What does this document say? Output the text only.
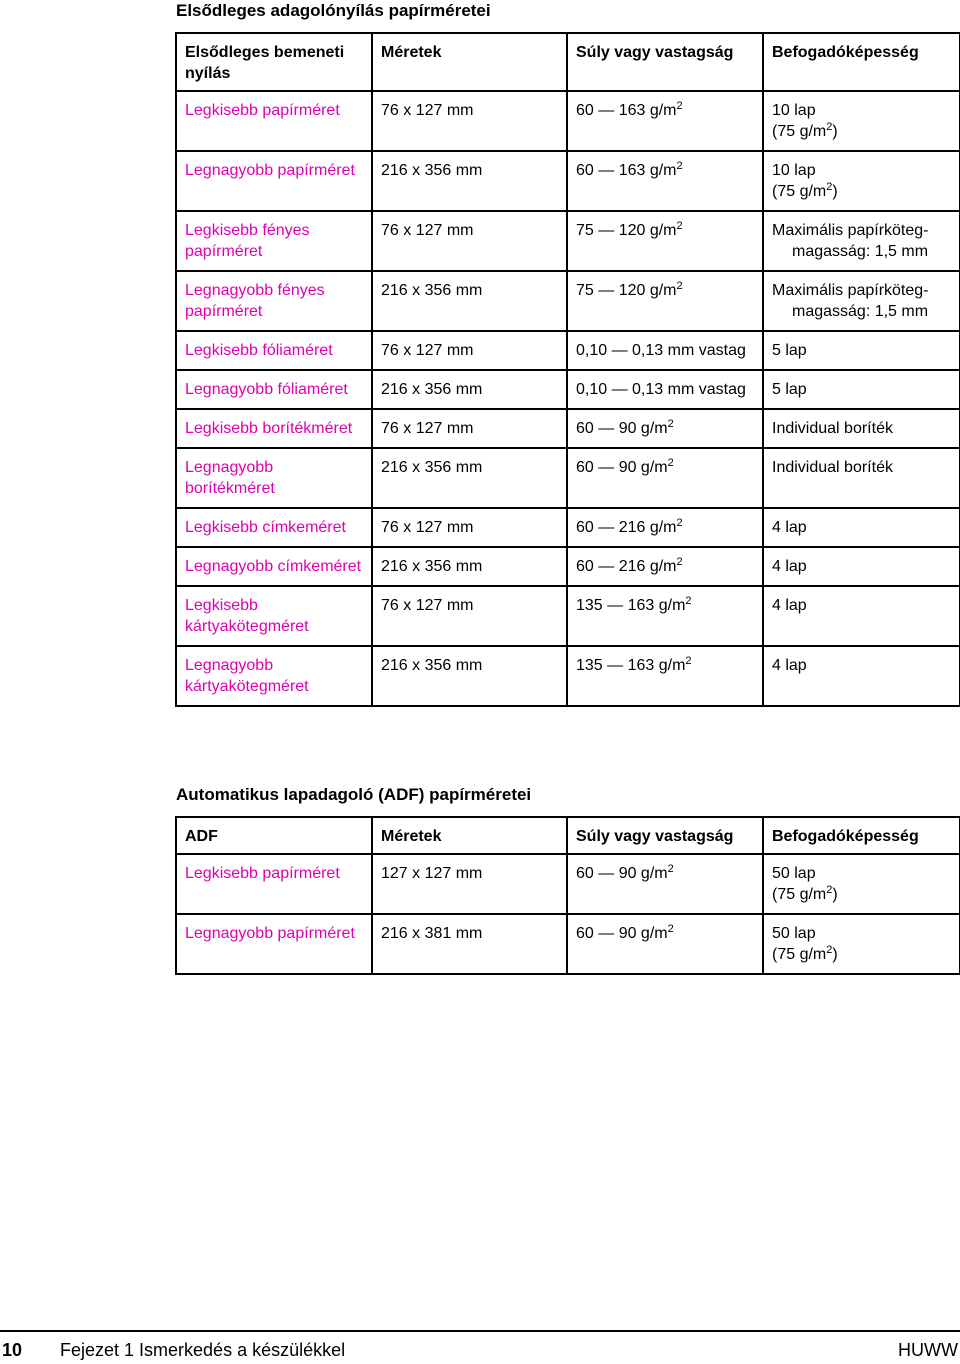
Elsődleges adagolónyílás papírméretei
Elsődleges bemeneti nyílás	Méretek	Súly vagy vastagság	Befogadóképesség
Legkisebb papírméret	76 x 127 mm	60 — 163 $g/m^2$	10 lap
(75 $g/m^2$)

Legnagyobb papírméret	216 x 356 mm	60 — 163 $g/m^2$	10 lap
(75 $g/m^2$)

Legkisebb fényes papírméret	76 x 127 mm	75 — 120 $g/m^2$	Maximális papírköteg-
magasság: 1,5 mm

Legnagyobb fényes papírméret	216 x 356 mm	75 — 120 $g/m^2$	Maximális papírköteg-
magasság: 1,5 mm

Legkisebb fóliaméret	76 x 127 mm	0,10 — 0,13 mm vastag	5 lap

Legnagyobb fóliaméret	216 x 356 mm	0,10 — 0,13 mm vastag	5 lap

Legkisebb borítékméret	76 x 127 mm	60 — 90 $g/m^2$	Individual boríték

Legnagyobb borítékméret	216 x 356 mm	60 — 90 $g/m^2$	Individual boríték

Legkisebb címkeméret	76 x 127 mm	60 — 216 $g/m^2$	4 lap

Legnagyobb címkeméret	216 x 356 mm	60 — 216 $g/m^2$	4 lap

Legkisebb kártyakötegméret	76 x 127 mm	135 — 163 $g/m^2$	4 lap

Legnagyobb kártyakötegméret	216 x 356 mm	135 — 163 $g/m^2$	4 lap
Automatikus lapadagoló (ADF) papírméretei
ADF	Méretek	Súly vagy vastagság	Befogadóképesség
Legkisebb papírméret	127 x 127 mm	60 — 90 $g/m^2$	50 lap
(75 $g/m^2$)

Legnagyobb papírméret	216 x 381 mm	60 — 90 $g/m^2$	50 lap
(75 $g/m^2$)
10 Fejezet 1 Ismerkedés a készülékkel	HUWW
